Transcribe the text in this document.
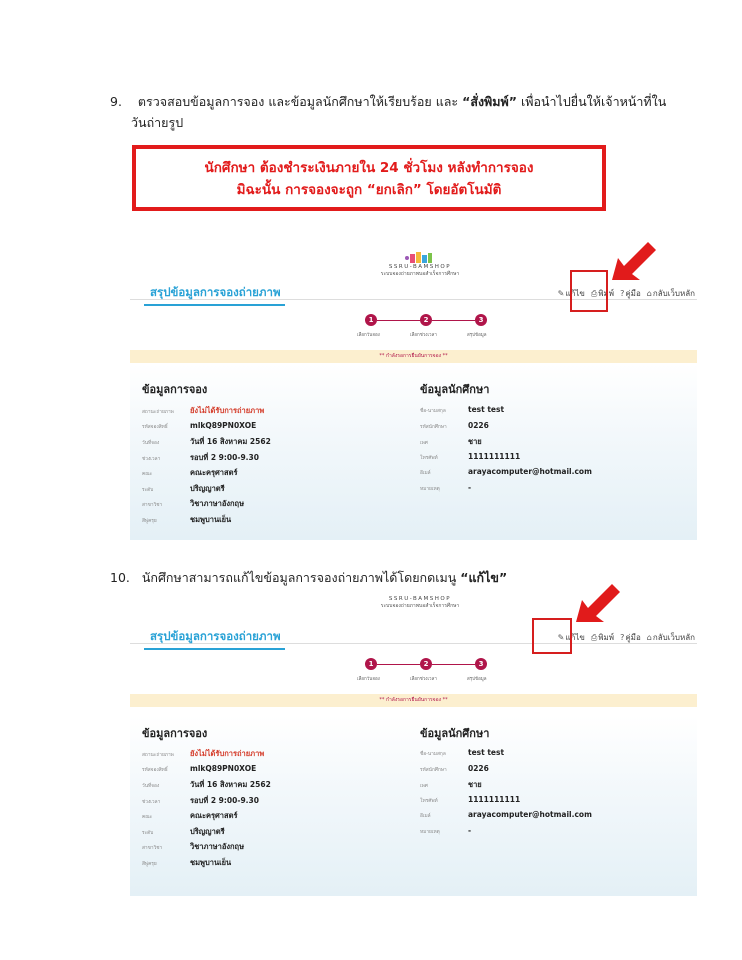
9. ตรวจสอบข้อมูลการจอง และข้อมูลนักศึกษาให้เรียบร้อย และ “สั่งพิมพ์” เพื่อนำไปยื่นให้เจ้าหน้าที่ใน
วันถ่ายรูป
นักศึกษา ต้องชำระเงินภายใน 24 ชั่วโมง หลังทำการจอง
มิฉะนั้น การจองจะถูก “ยกเลิก” โดยอัตโนมัติ
SSRU-BAMSHOP
ระบบจองถ่ายภาพบอสำเร็จการศึกษา
สรุปข้อมูลการจองถ่ายภาพ	✎แก้ไข ⎙พิมพ์ ?คู่มือ ⌂กลับเว็บหลัก
1	2	3
เลือกวันจอง	เลือกช่วงเวลา	สรุปข้อมูล
** กำลังรอการยืนยันการจอง **
ข้อมูลการจอง	ข้อมูลนักศึกษา
สถานะถ่ายภาพ ยังไม่ได้รับการถ่ายภาพ
รหัสจองสิทธิ์	mlkQ89PN0XOE
วันที่จอง	วันที่ 16 สิงหาคม 2562
ช่วงเวลา	รอบที่ 2 9:00-9.30
คณะ	คณะครุศาสตร์
ระดับ	ปริญญาตรี
สาขาวิชา	วิชาภาษาอังกฤษ
สีพู่ครุย	ชมพูบานเย็น
ชื่อ-นามสกุล	test test
รหัสนักศึกษา	0226
เพศ	ชาย
โทรศัพท์	1111111111
อีเมล์	arayacomputer@hotmail.com
หมายเหตุ	-
10. นักศึกษาสามารถแก้ไขข้อมูลการจองถ่ายภาพได้โดยกดเมนู “แก้ไข”
SSRU-BAMSHOP
ระบบจองถ่ายภาพบอสำเร็จการศึกษา
สรุปข้อมูลการจองถ่ายภาพ	✎แก้ไข ⎙พิมพ์ ?คู่มือ ⌂กลับเว็บหลัก
1	2	3
เลือกวันจอง	เลือกช่วงเวลา	สรุปข้อมูล
** กำลังรอการยืนยันการจอง **
ข้อมูลการจอง	ข้อมูลนักศึกษา
สถานะถ่ายภาพ ยังไม่ได้รับการถ่ายภาพ
รหัสจองสิทธิ์	mlkQ89PN0XOE
วันที่จอง	วันที่ 16 สิงหาคม 2562
ช่วงเวลา	รอบที่ 2 9:00-9.30
คณะ	คณะครุศาสตร์
ระดับ	ปริญญาตรี
สาขาวิชา	วิชาภาษาอังกฤษ
สีพู่ครุย	ชมพูบานเย็น
ชื่อ-นามสกุล	test test
รหัสนักศึกษา	0226
เพศ	ชาย
โทรศัพท์	1111111111
อีเมล์	arayacomputer@hotmail.com
หมายเหตุ	-
